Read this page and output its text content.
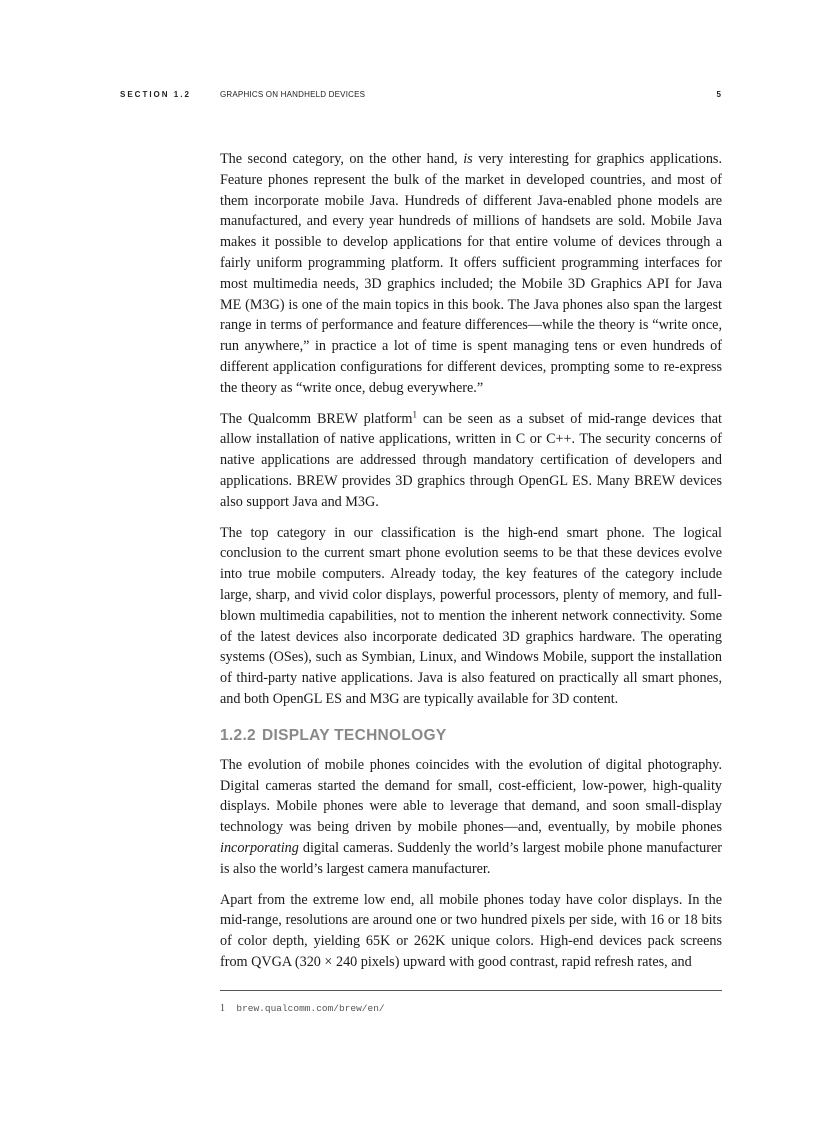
SECTION 1.2	GRAPHICS ON HANDHELD DEVICES	5

The second category, on the other hand, is very interesting for graphics applications. Feature phones represent the bulk of the market in developed countries, and most of them incorporate mobile Java. Hundreds of different Java-enabled phone models are manufactured, and every year hundreds of millions of handsets are sold. Mobile Java makes it possible to develop applications for that entire volume of devices through a fairly uniform programming platform. It offers sufficient programming interfaces for most multimedia needs, 3D graphics included; the Mobile 3D Graphics API for Java ME (M3G) is one of the main topics in this book. The Java phones also span the largest range in terms of performance and feature differences—while the theory is “write once, run anywhere,” in practice a lot of time is spent managing tens or even hundreds of different application configurations for different devices, prompting some to re-express the theory as “write once, debug everywhere.”

The Qualcomm BREW platform$^1$ can be seen as a subset of mid-range devices that allow installation of native applications, written in C or C++. The security concerns of native applications are addressed through mandatory certification of developers and applications. BREW provides 3D graphics through OpenGL ES. Many BREW devices also support Java and M3G.

The top category in our classification is the high-end smart phone. The logical conclusion to the current smart phone evolution seems to be that these devices evolve into true mobile computers. Already today, the key features of the category include large, sharp, and vivid color displays, powerful processors, plenty of memory, and full-blown multimedia capabilities, not to mention the inherent network connectivity. Some of the latest devices also incorporate dedicated 3D graphics hardware. The operating systems (OSes), such as Symbian, Linux, and Windows Mobile, support the installation of third-party native applications. Java is also featured on practically all smart phones, and both OpenGL ES and M3G are typically available for 3D content.

1.2.2 DISPLAY TECHNOLOGY

The evolution of mobile phones coincides with the evolution of digital photography. Digital cameras started the demand for small, cost-efficient, low-power, high-quality displays. Mobile phones were able to leverage that demand, and soon small-display technology was being driven by mobile phones—and, eventually, by mobile phones incorporating digital cameras. Suddenly the world’s largest mobile phone manufacturer is also the world’s largest camera manufacturer.

Apart from the extreme low end, all mobile phones today have color displays. In the mid-range, resolutions are around one or two hundred pixels per side, with 16 or 18 bits of color depth, yielding 65K or 262K unique colors. High-end devices pack screens from QVGA (320 × 240 pixels) upward with good contrast, rapid refresh rates, and

1 brew.qualcomm.com/brew/en/
